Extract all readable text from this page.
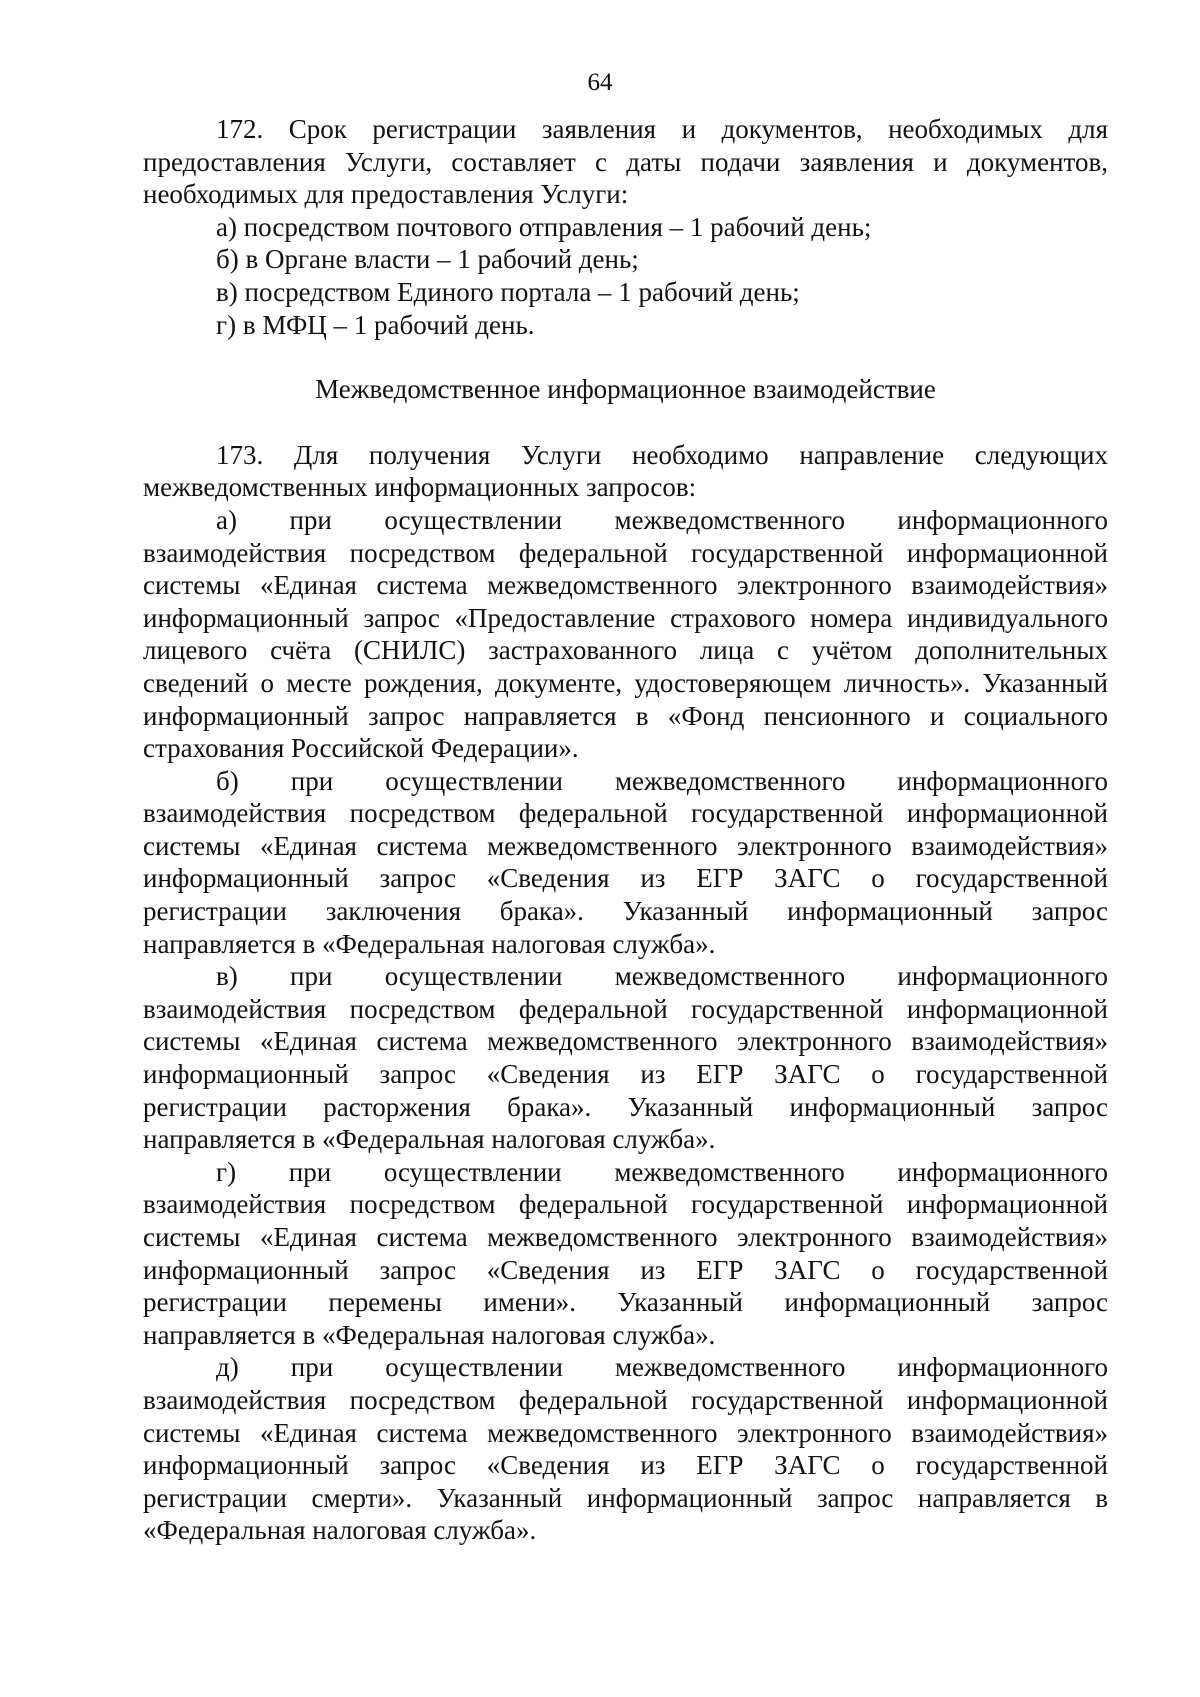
64
172. Срок регистрации заявления и документов, необходимых для
предоставления Услуги, составляет с даты подачи заявления и документов,
необходимых для предоставления Услуги:
а) посредством почтового отправления – 1 рабочий день;
б) в Органе власти – 1 рабочий день;
в) посредством Единого портала – 1 рабочий день;
г) в МФЦ – 1 рабочий день.
Межведомственное информационное взаимодействие
173. Для получения Услуги необходимо направление следующих
межведомственных информационных запросов:
а) при осуществлении межведомственного информационного
взаимодействия посредством федеральной государственной информационной
системы «Единая система межведомственного электронного взаимодействия»
информационный запрос «Предоставление страхового номера индивидуального
лицевого счёта (СНИЛС) застрахованного лица с учётом дополнительных
сведений о месте рождения, документе, удостоверяющем личность». Указанный
информационный запрос направляется в «Фонд пенсионного и социального
страхования Российской Федерации».
б) при осуществлении межведомственного информационного
взаимодействия посредством федеральной государственной информационной
системы «Единая система межведомственного электронного взаимодействия»
информационный запрос «Сведения из ЕГР ЗАГС о государственной
регистрации заключения брака». Указанный информационный запрос
направляется в «Федеральная налоговая служба».
в) при осуществлении межведомственного информационного
взаимодействия посредством федеральной государственной информационной
системы «Единая система межведомственного электронного взаимодействия»
информационный запрос «Сведения из ЕГР ЗАГС о государственной
регистрации расторжения брака». Указанный информационный запрос
направляется в «Федеральная налоговая служба».
г) при осуществлении межведомственного информационного
взаимодействия посредством федеральной государственной информационной
системы «Единая система межведомственного электронного взаимодействия»
информационный запрос «Сведения из ЕГР ЗАГС о государственной
регистрации перемены имени». Указанный информационный запрос
направляется в «Федеральная налоговая служба».
д) при осуществлении межведомственного информационного
взаимодействия посредством федеральной государственной информационной
системы «Единая система межведомственного электронного взаимодействия»
информационный запрос «Сведения из ЕГР ЗАГС о государственной
регистрации смерти». Указанный информационный запрос направляется в
«Федеральная налоговая служба».
